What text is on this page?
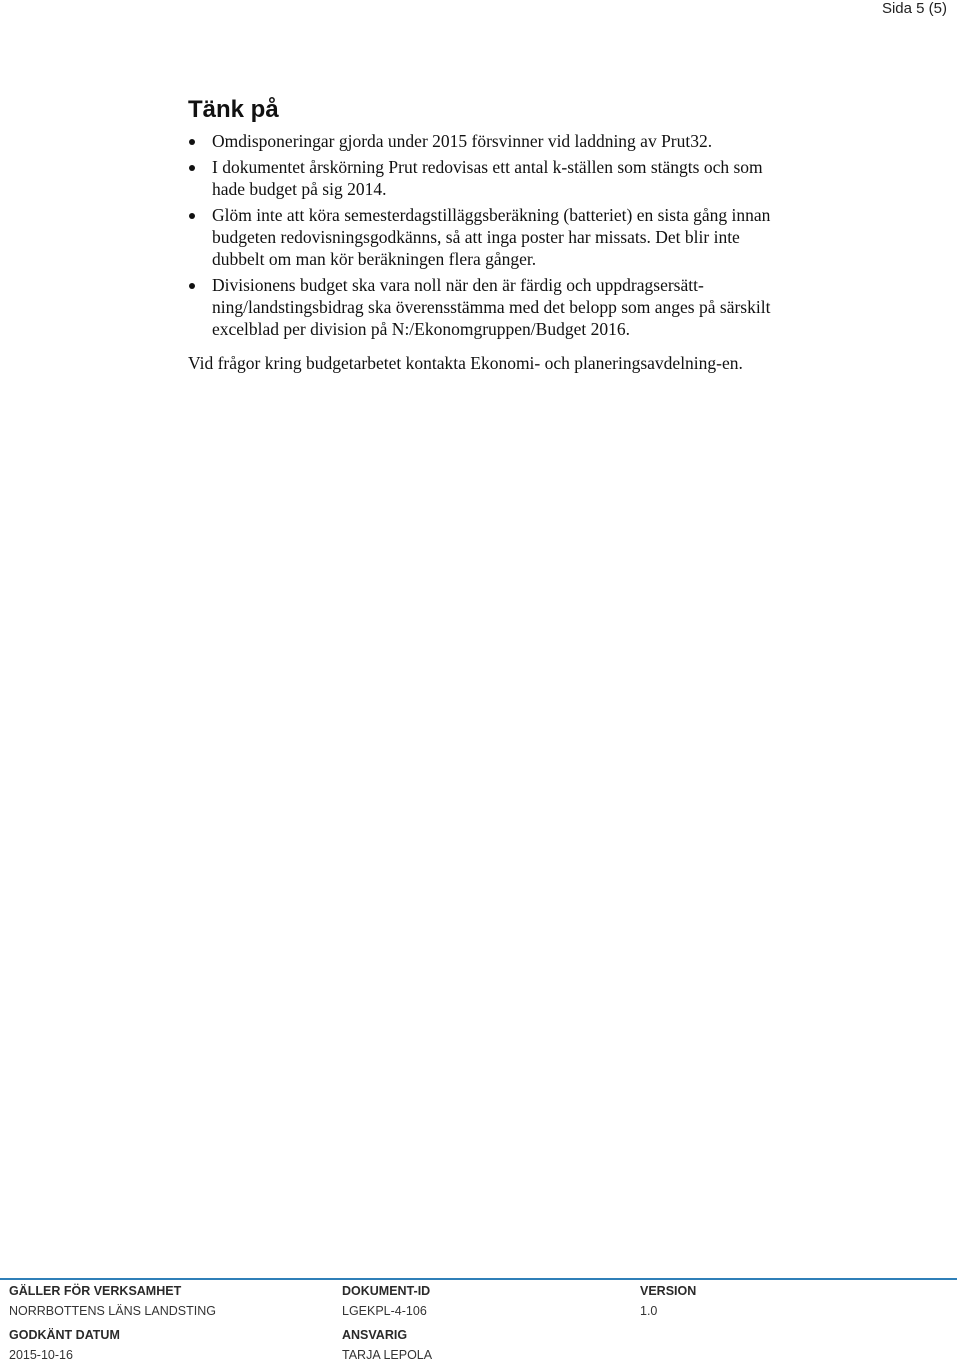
Sida 5 (5)
Tänk på
Omdisponeringar gjorda under 2015 försvinner vid laddning av Prut32.
I dokumentet årskörning Prut redovisas ett antal k-ställen som stängts och som hade budget på sig 2014.
Glöm inte att köra semesterdagstilläggsberäkning (batteriet) en sista gång innan budgeten redovisningsgodkänns, så att inga poster har missats. Det blir inte dubbelt om man kör beräkningen flera gånger.
Divisionens budget ska vara noll när den är färdig och uppdragsersätt-ning/landstingsbidrag ska överensstämma med det belopp som anges på särskilt excelblad per division på N:/Ekonomgruppen/Budget 2016.

Vid frågor kring budgetarbetet kontakta Ekonomi- och planeringsavdelning-en.

GÄLLER FÖR VERKSAMHET	DOKUMENT-ID	VERSION
NORRBOTTENS LÄNS LANDSTING	LGEKPL-4-106	1.0
GODKÄNT DATUM	ANSVARIG
2015-10-16	TARJA LEPOLA
